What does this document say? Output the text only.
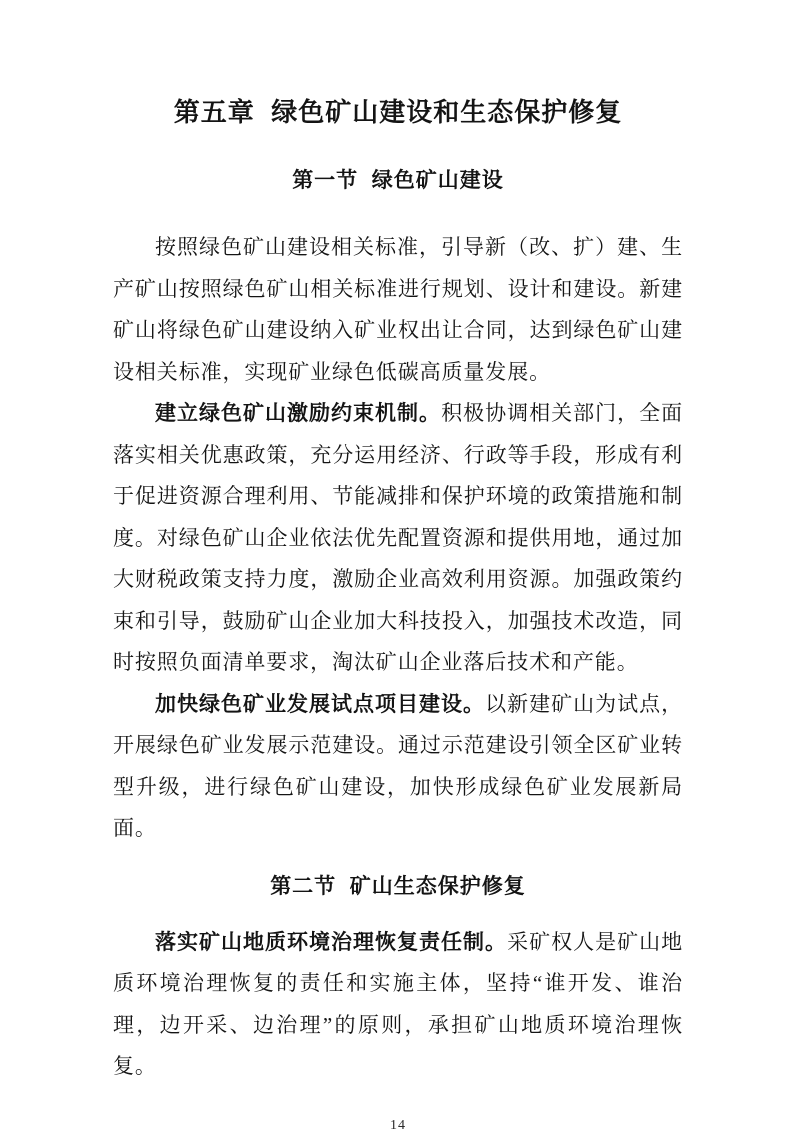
第五章 绿色矿山建设和生态保护修复
第一节 绿色矿山建设

按照绿色矿山建设相关标准，引导新（改、扩）建、生产矿山按照绿色矿山相关标准进行规划、设计和建设。新建矿山将绿色矿山建设纳入矿业权出让合同，达到绿色矿山建设相关标准，实现矿业绿色低碳高质量发展。

建立绿色矿山激励约束机制。积极协调相关部门，全面落实相关优惠政策，充分运用经济、行政等手段，形成有利于促进资源合理利用、节能减排和保护环境的政策措施和制度。对绿色矿山企业依法优先配置资源和提供用地，通过加大财税政策支持力度，激励企业高效利用资源。加强政策约束和引导，鼓励矿山企业加大科技投入，加强技术改造，同时按照负面清单要求，淘汰矿山企业落后技术和产能。

加快绿色矿业发展试点项目建设。以新建矿山为试点，开展绿色矿业发展示范建设。通过示范建设引领全区矿业转型升级，进行绿色矿山建设，加快形成绿色矿业发展新局面。

第二节 矿山生态保护修复

落实矿山地质环境治理恢复责任制。采矿权人是矿山地质环境治理恢复的责任和实施主体，坚持“谁开发、谁治理，边开采、边治理”的原则，承担矿山地质环境治理恢复。

14
